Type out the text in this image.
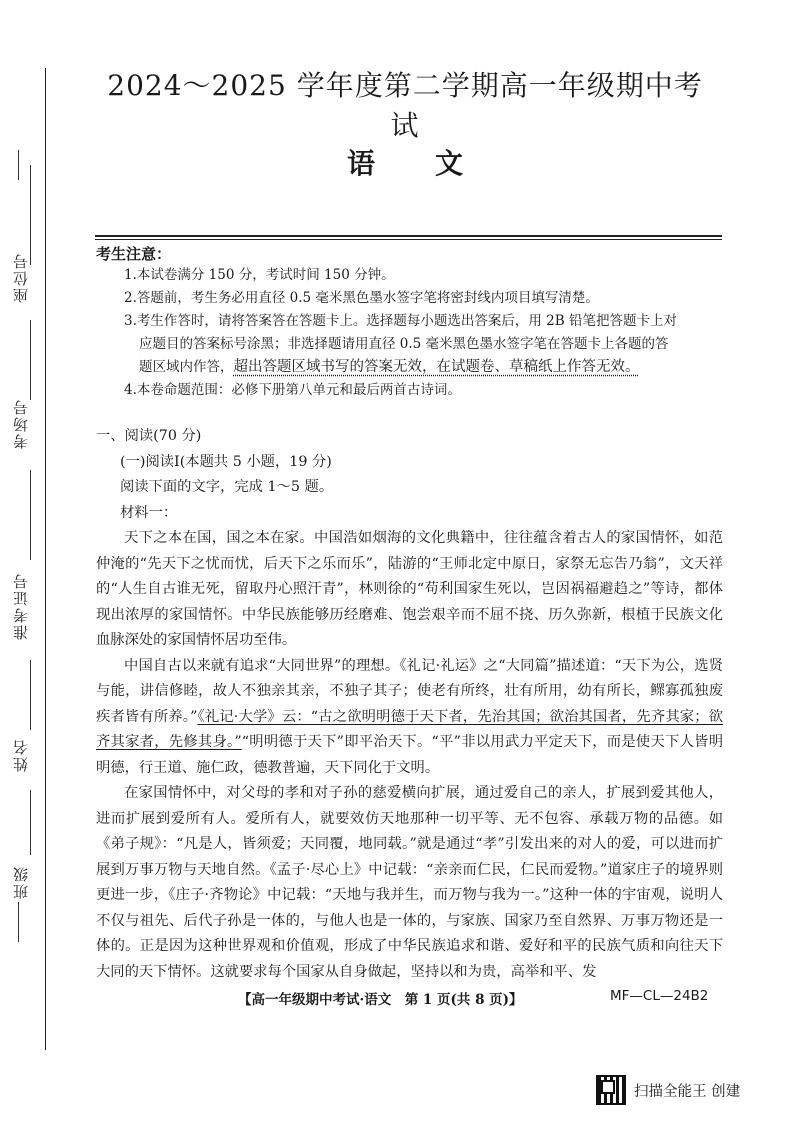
座位号
考场号
准考证号
姓名
班级
2024～2025 学年度第二学期高一年级期中考试
语文
考生注意：

1.本试卷满分 150 分，考试时间 150 分钟。

2.答题前，考生务必用直径 0.5 毫米黑色墨水签字笔将密封线内项目填写清楚。

3.考生作答时，请将答案答在答题卡上。选择题每小题选出答案后，用 2B 铅笔把答题卡上对

应题目的答案标号涂黑；非选择题请用直径 0.5 毫米黑色墨水签字笔在答题卡上各题的答

题区域内作答，超出答题区域书写的答案无效，在试题卷、草稿纸上作答无效。

4.本卷命题范围：必修下册第八单元和最后两首古诗词。

一、阅读(70 分)

(一)阅读Ⅰ(本题共 5 小题，19 分)

阅读下面的文字，完成 1～5 题。

材料一：

天下之本在国，国之本在家。中国浩如烟海的文化典籍中，往往蕴含着古人的家国情怀，如范仲淹的“先天下之忧而忧，后天下之乐而乐”，陆游的“王师北定中原日，家祭无忘告乃翁”，文天祥的“人生自古谁无死，留取丹心照汗青”，林则徐的“苟利国家生死以，岂因祸福避趋之”等诗，都体现出浓厚的家国情怀。中华民族能够历经磨难、饱尝艰辛而不屈不挠、历久弥新，根植于民族文化血脉深处的家国情怀居功至伟。

中国自古以来就有追求“大同世界”的理想。《礼记·礼运》之“大同篇”描述道：“天下为公，选贤与能，讲信修睦，故人不独亲其亲，不独子其子；使老有所终，壮有所用，幼有所长，鳏寡孤独废疾者皆有所养。”《礼记·大学》云：“古之欲明明德于天下者，先治其国；欲治其国者，先齐其家；欲齐其家者，先修其身。”“明明德于天下”即平治天下。“平”非以用武力平定天下，而是使天下人皆明明德，行王道、施仁政，德教普遍，天下同化于文明。

在家国情怀中，对父母的孝和对子孙的慈爱横向扩展，通过爱自己的亲人，扩展到爱其他人，进而扩展到爱所有人。爱所有人，就要效仿天地那种一切平等、无不包容、承载万物的品德。如《弟子规》：“凡是人，皆须爱；天同覆，地同载。”就是通过“孝”引发出来的对人的爱，可以进而扩展到万事万物与天地自然。《孟子·尽心上》中记载：“亲亲而仁民，仁民而爱物。”道家庄子的境界则更进一步，《庄子·齐物论》中记载：“天地与我并生，而万物与我为一。”这种一体的宇宙观，说明人不仅与祖先、后代子孙是一体的，与他人也是一体的，与家族、国家乃至自然界、万事万物还是一体的。正是因为这种世界观和价值观，形成了中华民族追求和谐、爱好和平的民族气质和向往天下大同的天下情怀。这就要求每个国家从自身做起，坚持以和为贵，高举和平、发

【高一年级期中考试·语文　第 1 页(共 8 页)】	MF—CL—24B2
扫描全能王 创建
